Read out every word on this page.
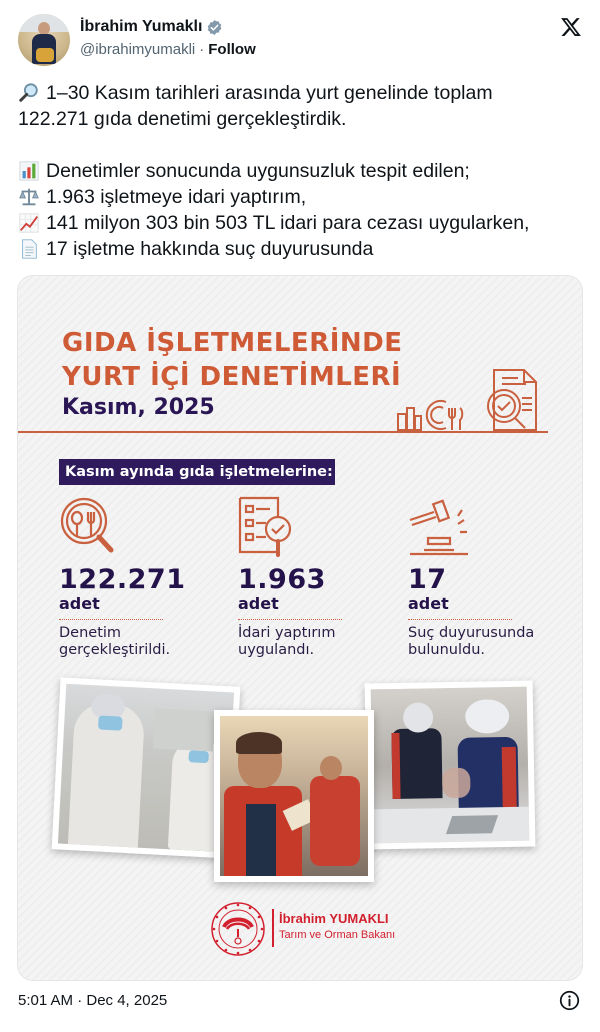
İbrahim Yumaklı
@ibrahimyumakli · Follow
1–30 Kasım tarihleri arasında yurt genelinde toplam
122.271 gıda denetimi gerçekleştirdik.
Denetimler sonucunda uygunsuzluk tespit edilen;
1.963 işletmeye idari yaptırım,
141 milyon 303 bin 503 TL idari para cezası uygularken,
17 işletme hakkında suç duyurusunda
GIDA İŞLETMELERİNDE
YURT İÇİ DENETİMLERİ
Kasım, 2025
Kasım ayında gıda işletmelerine:
122.271
adet
Denetim
gerçekleştirildi.
1.963
adet
İdari yaptırım
uygulandı.
17
adet
Suç duyurusunda
bulunuldu.
İbrahim YUMAKLI
Tarım ve Orman Bakanı
5:01 AM · Dec 4, 2025
